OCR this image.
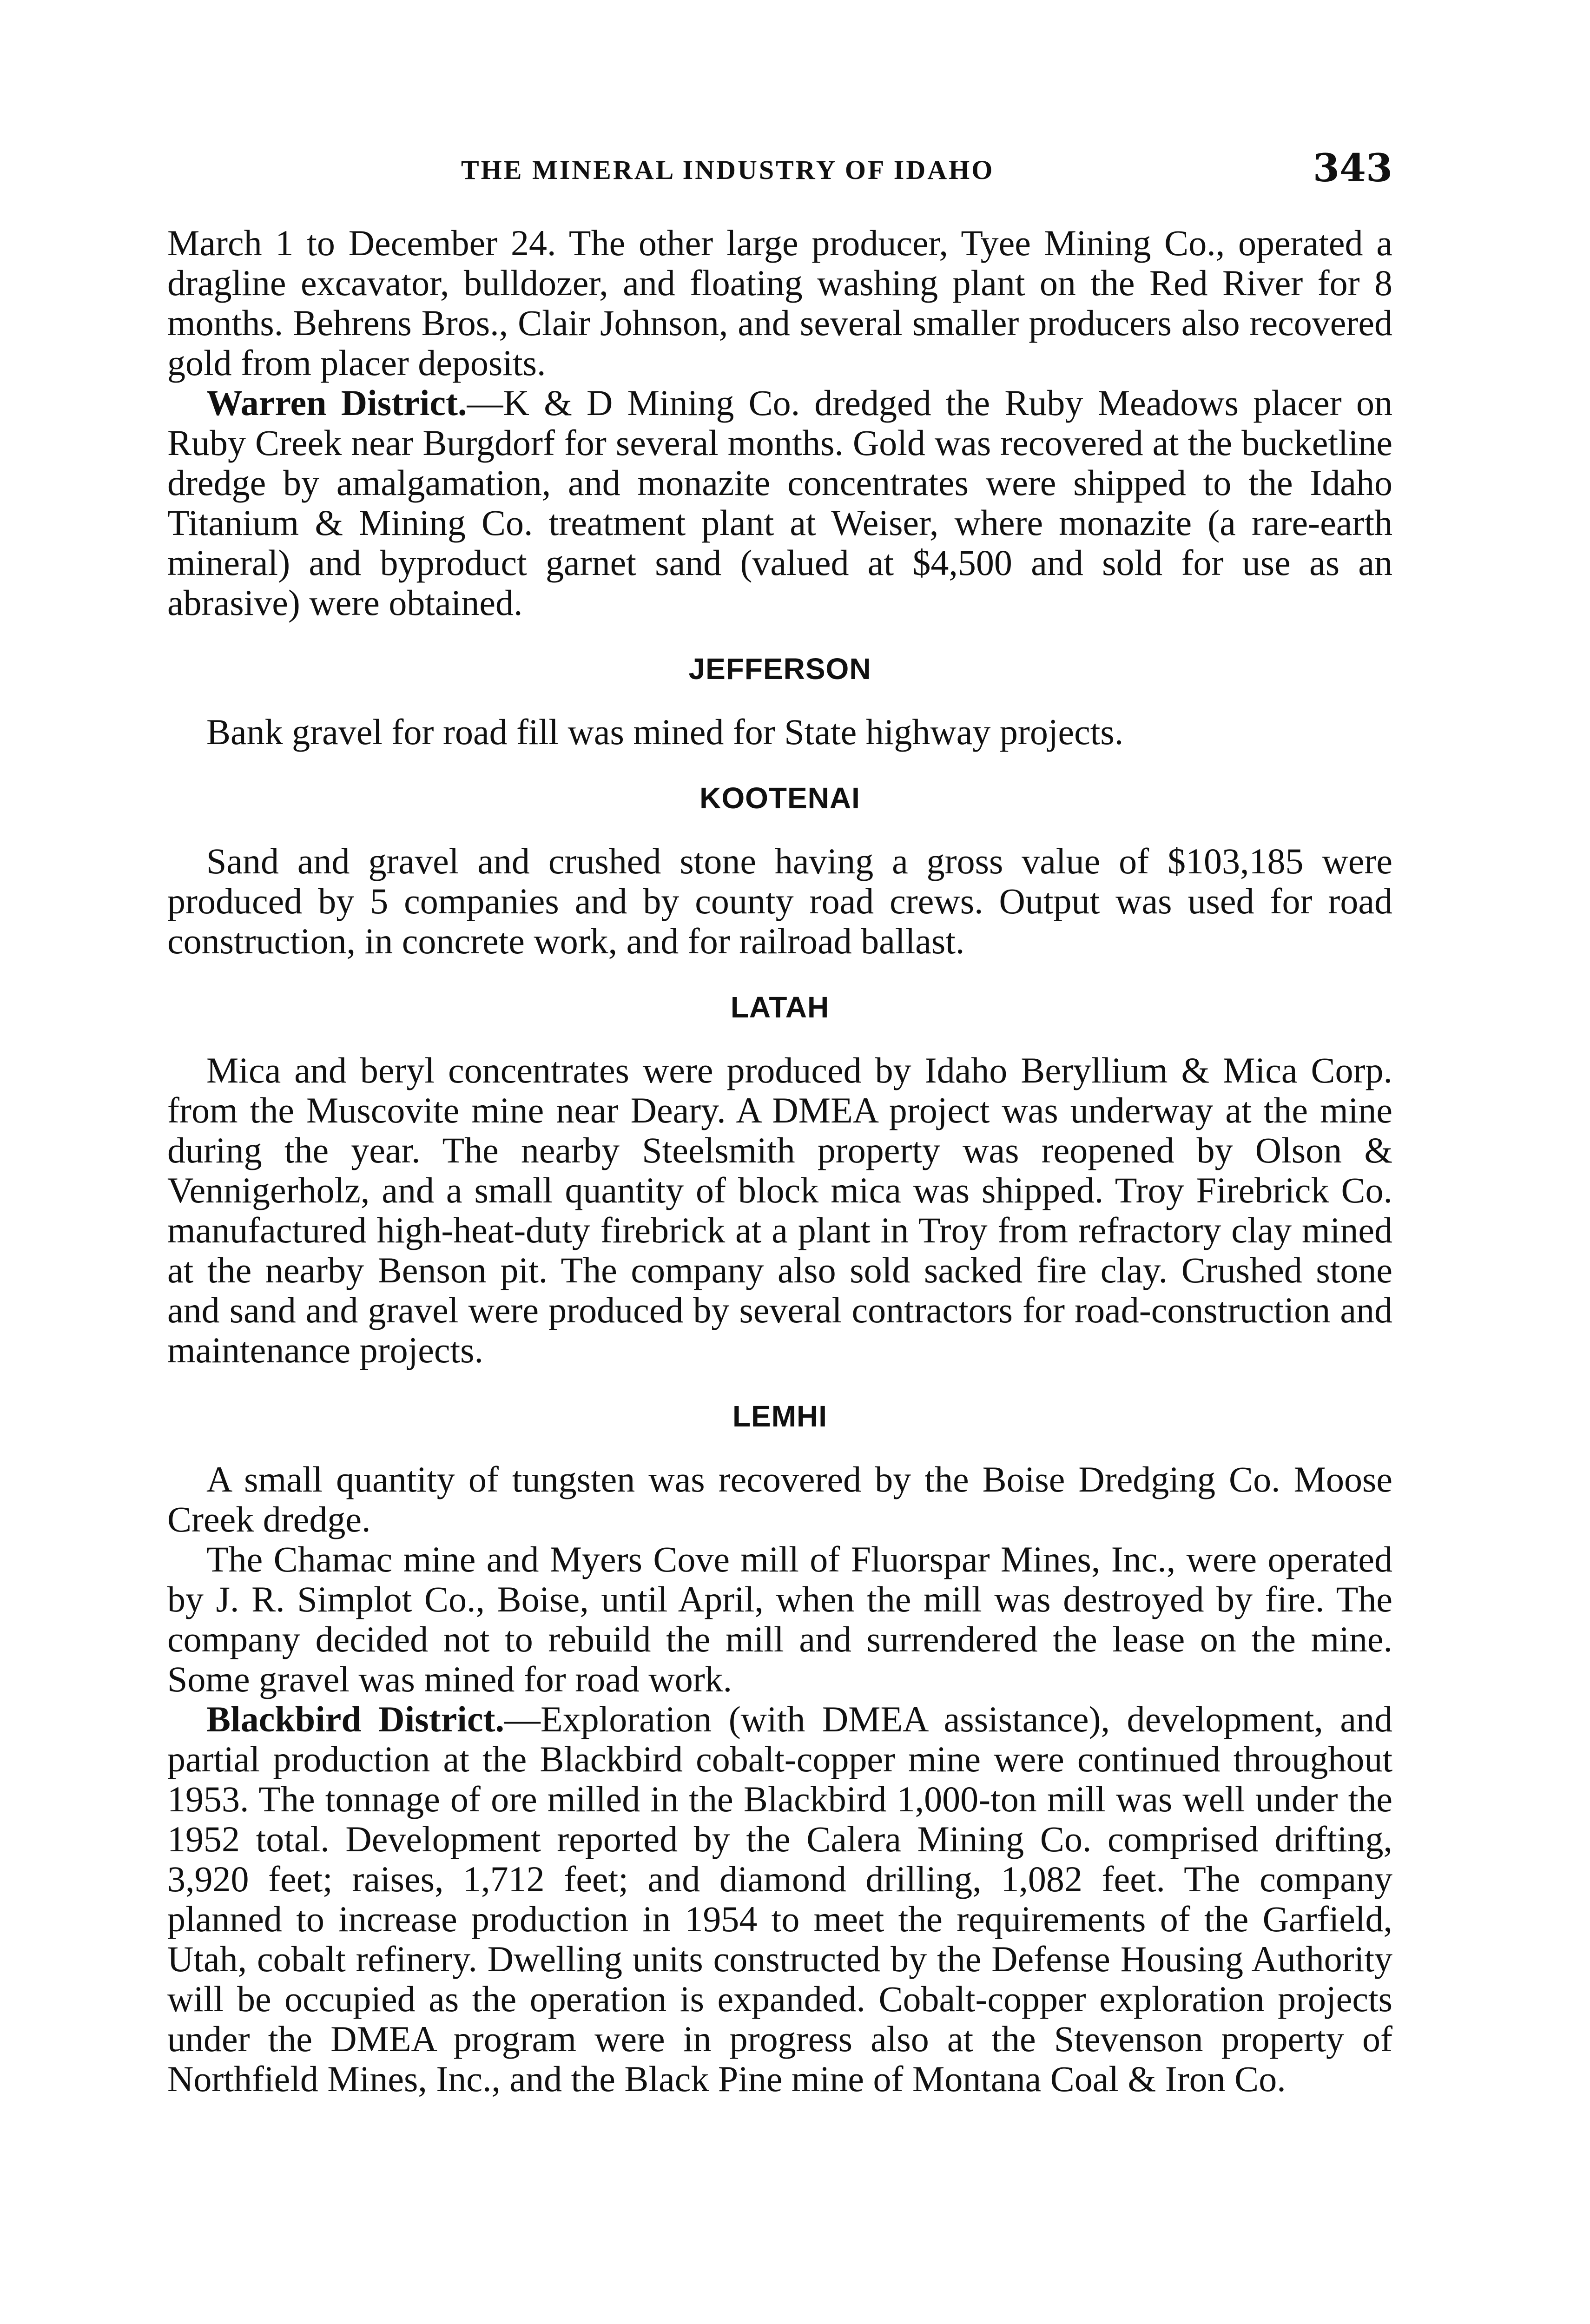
THE MINERAL INDUSTRY OF IDAHO	343

March 1 to December 24. The other large producer, Tyee Mining Co., operated a dragline excavator, bulldozer, and floating washing plant on the Red River for 8 months. Behrens Bros., Clair Johnson, and several smaller producers also recovered gold from placer deposits.

Warren District.—K & D Mining Co. dredged the Ruby Meadows placer on Ruby Creek near Burgdorf for several months. Gold was recovered at the bucketline dredge by amalgamation, and monazite concentrates were shipped to the Idaho Titanium & Mining Co. treatment plant at Weiser, where monazite (a rare-earth mineral) and byproduct garnet sand (valued at $4,500 and sold for use as an abrasive) were obtained.

JEFFERSON

Bank gravel for road fill was mined for State highway projects.

KOOTENAI

Sand and gravel and crushed stone having a gross value of $103,185 were produced by 5 companies and by county road crews. Output was used for road construction, in concrete work, and for railroad ballast.

LATAH

Mica and beryl concentrates were produced by Idaho Beryllium & Mica Corp. from the Muscovite mine near Deary. A DMEA project was underway at the mine during the year. The nearby Steelsmith property was reopened by Olson & Vennigerholz, and a small quantity of block mica was shipped. Troy Firebrick Co. manufactured high-heat-duty firebrick at a plant in Troy from refractory clay mined at the nearby Benson pit. The company also sold sacked fire clay. Crushed stone and sand and gravel were produced by several contractors for road-construction and maintenance projects.

LEMHI

A small quantity of tungsten was recovered by the Boise Dredging Co. Moose Creek dredge.

The Chamac mine and Myers Cove mill of Fluorspar Mines, Inc., were operated by J. R. Simplot Co., Boise, until April, when the mill was destroyed by fire. The company decided not to rebuild the mill and surrendered the lease on the mine. Some gravel was mined for road work.

Blackbird District.—Exploration (with DMEA assistance), development, and partial production at the Blackbird cobalt-copper mine were continued throughout 1953. The tonnage of ore milled in the Blackbird 1,000-ton mill was well under the 1952 total. Development reported by the Calera Mining Co. comprised drifting, 3,920 feet; raises, 1,712 feet; and diamond drilling, 1,082 feet. The company planned to increase production in 1954 to meet the requirements of the Garfield, Utah, cobalt refinery. Dwelling units constructed by the Defense Housing Authority will be occupied as the operation is expanded. Cobalt-copper exploration projects under the DMEA program were in progress also at the Stevenson property of Northfield Mines, Inc., and the Black Pine mine of Montana Coal & Iron Co.
